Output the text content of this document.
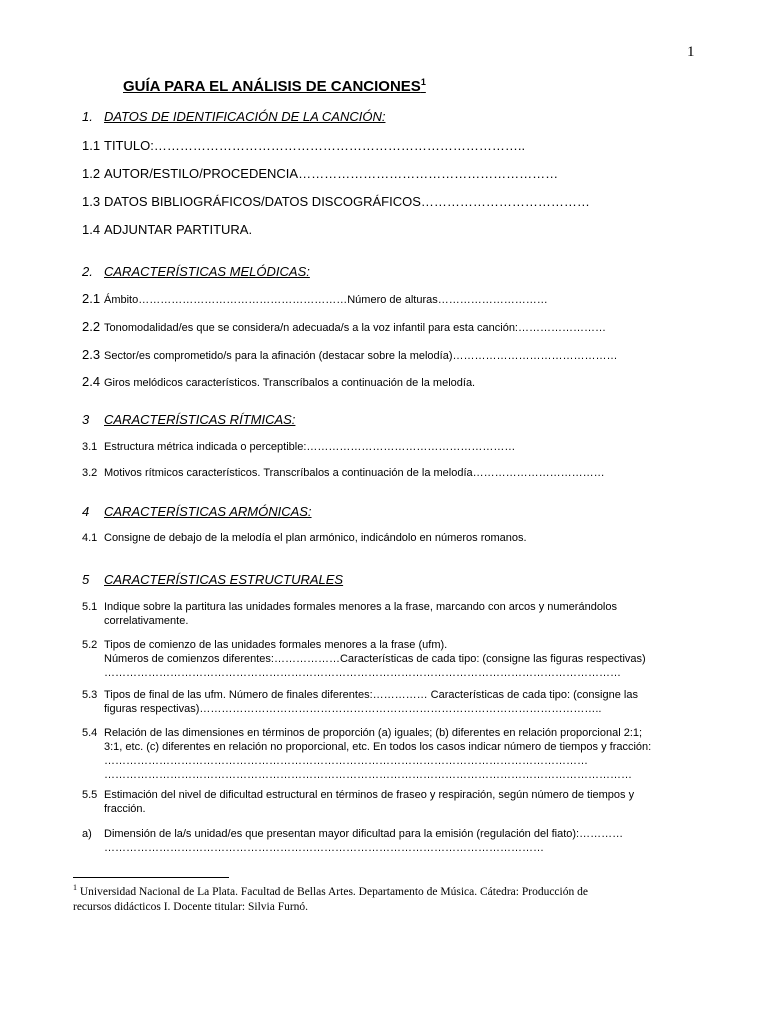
1
GUÍA PARA EL ANÁLISIS DE CANCIONES$^1$
1. DATOS DE IDENTIFICACIÓN DE LA CANCIÓN:
1.1 TITULO:…………………………………………………………………………..
1.2 AUTOR/ESTILO/PROCEDENCIA……………………………………………………
1.3 DATOS BIBLIOGRÁFICOS/DATOS DISCOGRÁFICOS…………………………………
1.4 ADJUNTAR PARTITURA.
2. CARACTERÍSTICAS MELÓDICAS:
2.1 Ámbito…………………………………………………Número de alturas…………………………
2.2 Tonomodalidad/es que se considera/n adecuada/s a la voz infantil para esta canción:……………………
2.3 Sector/es comprometido/s para la afinación (destacar sobre la melodía)………………………………………
2.4 Giros melódicos característicos. Transcríbalos a continuación de la melodía.
3 CARACTERÍSTICAS RÍTMICAS:
3.1 Estructura métrica indicada o perceptible:…………………………………………………
3.2 Motivos rítmicos característicos. Transcríbalos a continuación de la melodía………………………………
4 CARACTERÍSTICAS ARMÓNICAS:
4.1 Consigne de debajo de la melodía el plan armónico, indicándolo en números romanos.
5 CARACTERÍSTICAS ESTRUCTURALES
5.1 Indique sobre la partitura las unidades formales menores a la frase, marcando con arcos y numerándolos
correlativamente.
5.2 Tipos de comienzo de las unidades formales menores a la frase (ufm).
Números de comienzos diferentes:………………Características de cada tipo: (consigne las figuras respectivas)
……………………………………………………………………………………………………………………………
5.3 Tipos de final de las ufm. Número de finales diferentes:…………… Características de cada tipo: (consigne las
figuras respectivas)………………………………………………………………………………………………..
5.4 Relación de las dimensiones en términos de proporción (a) iguales; (b) diferentes en relación proporcional 2:1;
3:1, etc. (c) diferentes en relación no proporcional, etc. En todos los casos indicar número de tiempos y fracción:
……………………………………………………………………………………………………………………
………………………………………………………………………………………………………………………………
5.5 Estimación del nivel de dificultad estructural en términos de fraseo y respiración, según número de tiempos y
fracción.
a) Dimensión de la/s unidad/es que presentan mayor dificultad para la emisión (regulación del fiato):…………
…………………………………………………………………………………………………………
$^1$ Universidad Nacional de La Plata. Facultad de Bellas Artes. Departamento de Música. Cátedra: Producción de
recursos didácticos I. Docente titular: Silvia Furnó.
